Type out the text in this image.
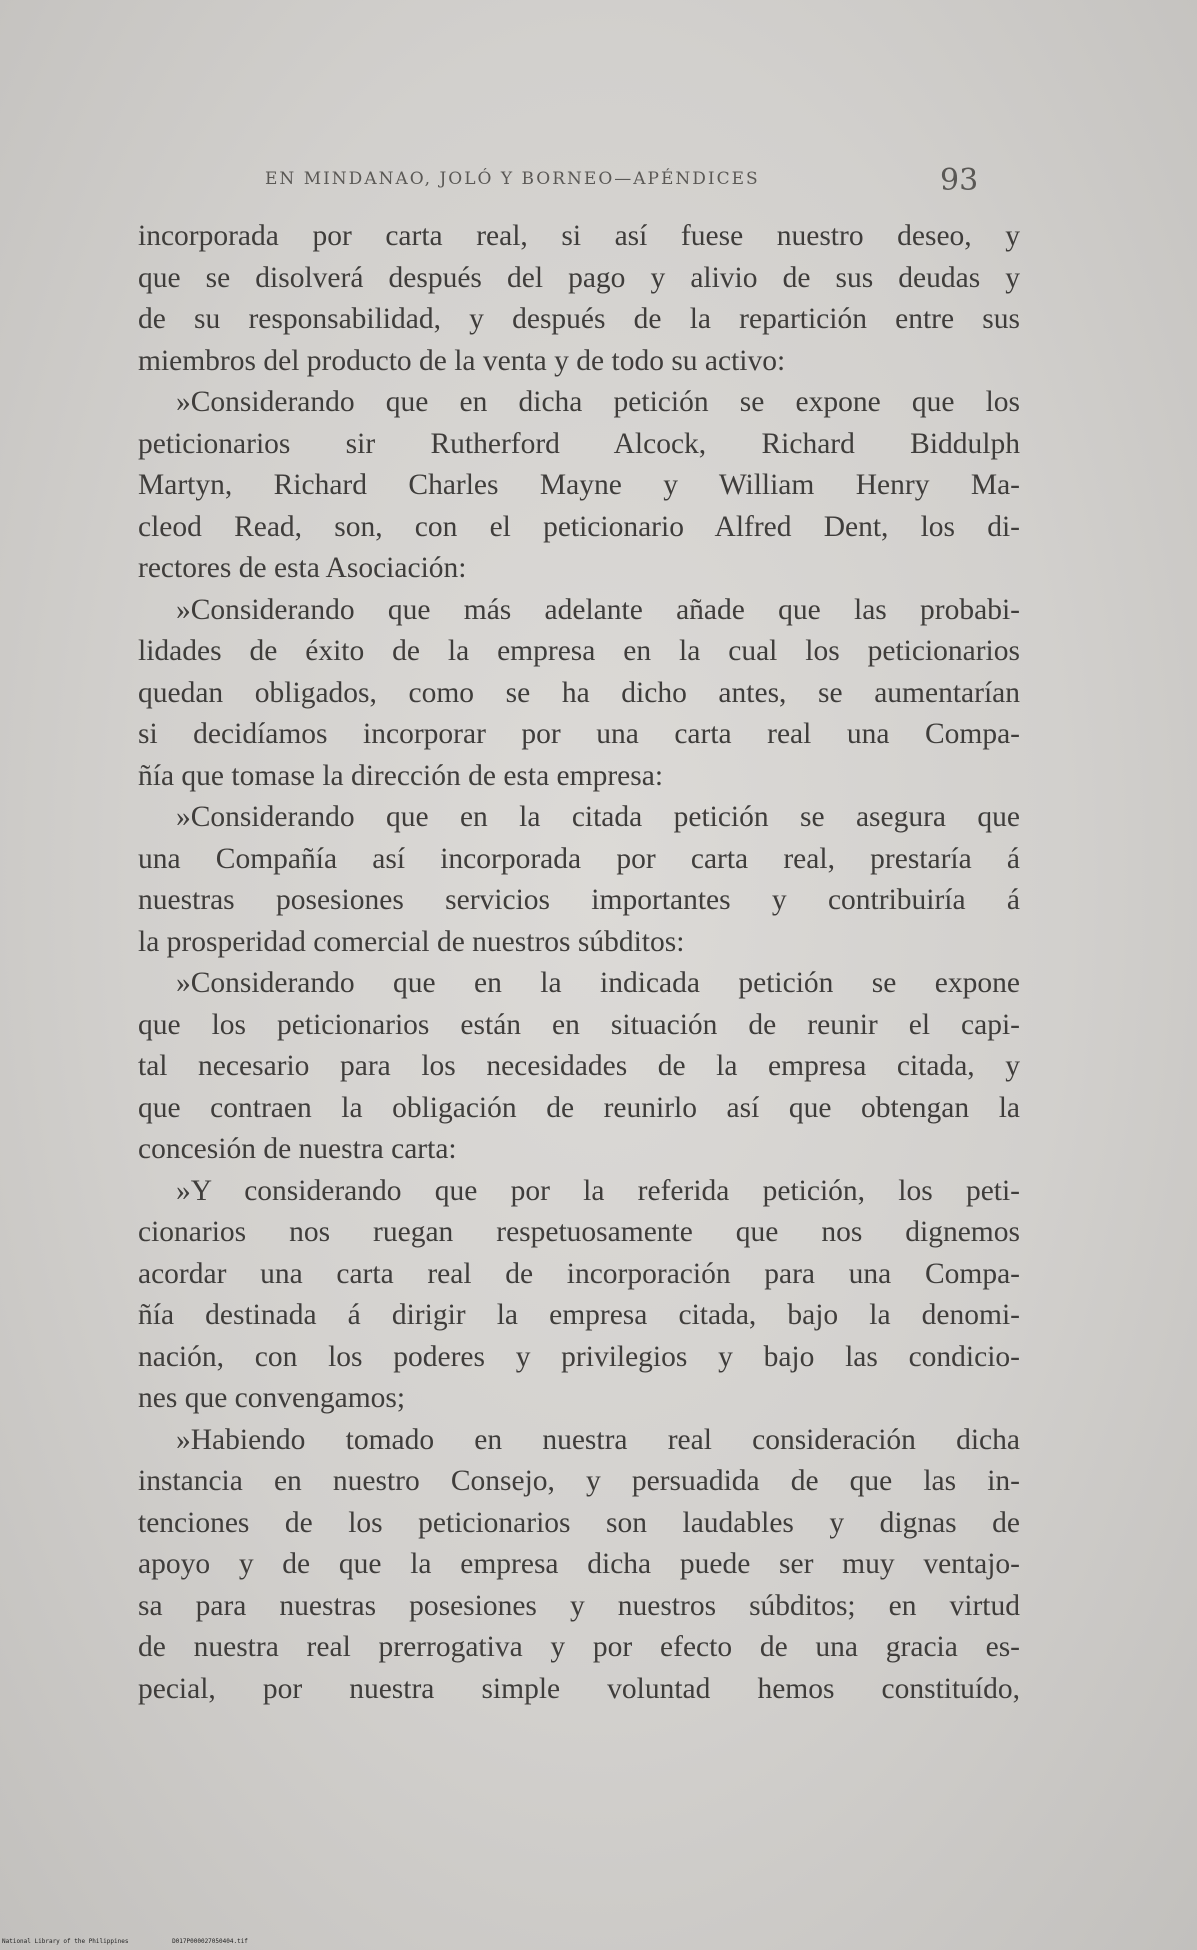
EN MINDANAO, JOLÓ Y BORNEO—APÉNDICES	93
incorporada por carta real, si así fuese nuestro deseo, y
que se disolverá después del pago y alivio de sus deudas y
de su responsabilidad, y después de la repartición entre sus
miembros del producto de la venta y de todo su activo:
»Considerando que en dicha petición se expone que los
peticionarios sir Rutherford Alcock, Richard Biddulph
Martyn, Richard Charles Mayne y William Henry Ma-
cleod Read, son, con el peticionario Alfred Dent, los di-
rectores de esta Asociación:
»Considerando que más adelante añade que las probabi-
lidades de éxito de la empresa en la cual los peticionarios
quedan obligados, como se ha dicho antes, se aumentarían
si decidíamos incorporar por una carta real una Compa-
ñía que tomase la dirección de esta empresa:
»Considerando que en la citada petición se asegura que
una Compañía así incorporada por carta real, prestaría á
nuestras posesiones servicios importantes y contribuiría á
la prosperidad comercial de nuestros súbditos:
»Considerando que en la indicada petición se expone
que los peticionarios están en situación de reunir el capi-
tal necesario para los necesidades de la empresa citada, y
que contraen la obligación de reunirlo así que obtengan la
concesión de nuestra carta:
»Y considerando que por la referida petición, los peti-
cionarios nos ruegan respetuosamente que nos dignemos
acordar una carta real de incorporación para una Compa-
ñía destinada á dirigir la empresa citada, bajo la denomi-
nación, con los poderes y privilegios y bajo las condicio-
nes que convengamos;
»Habiendo tomado en nuestra real consideración dicha
instancia en nuestro Consejo, y persuadida de que las in-
tenciones de los peticionarios son laudables y dignas de
apoyo y de que la empresa dicha puede ser muy ventajo-
sa para nuestras posesiones y nuestros súbditos; en virtud
de nuestra real prerrogativa y por efecto de una gracia es-
pecial, por nuestra simple voluntad hemos constituído,
National Library of the Philippines	D017P000027050404.tif
